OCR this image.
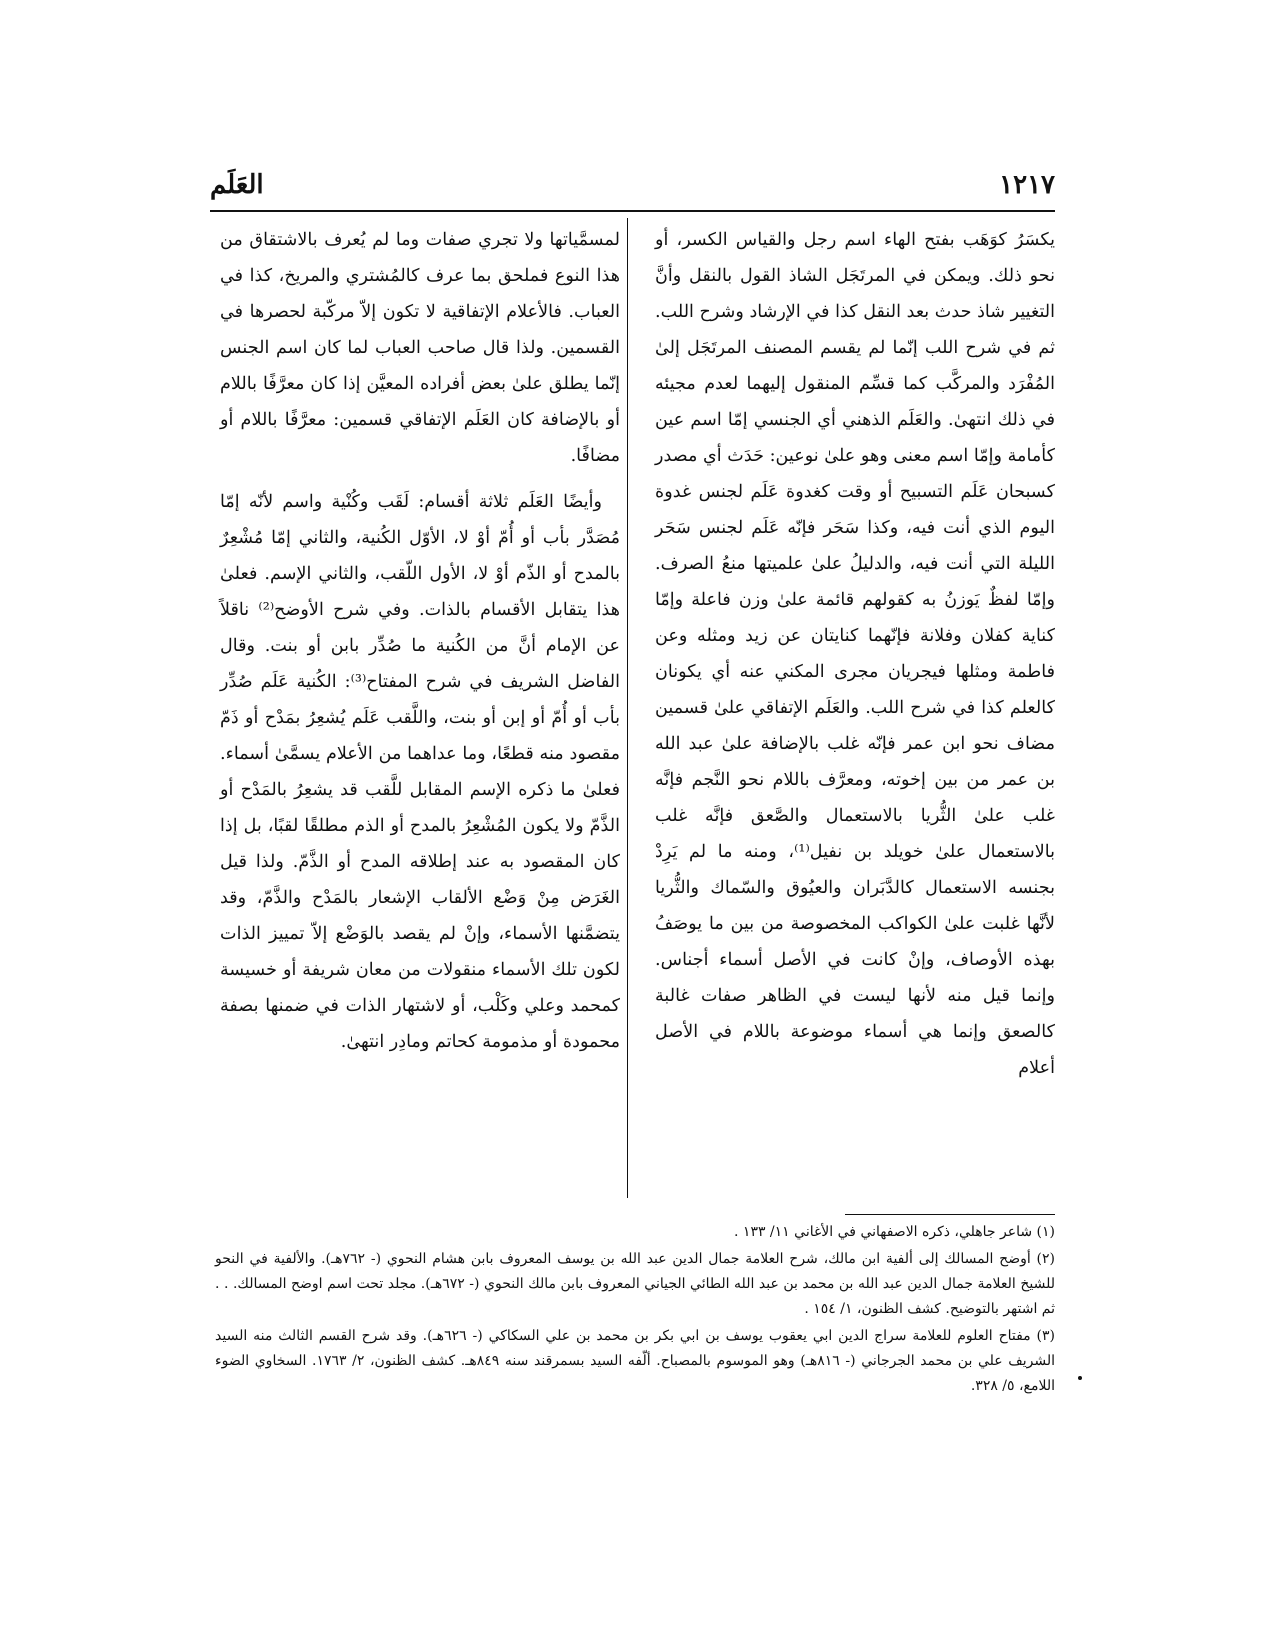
١٢١٧
العَلَم

يكسَرُ كوَهَب بفتح الهاء اسم رجل والقياس الكسر، أو نحو ذلك. ويمكن في المرتَجَل الشاذ القول بالنقل وأنَّ التغيير شاذ حدث بعد النقل كذا في الإرشاد وشرح اللب. ثم في شرح اللب إنّما لم يقسم المصنف المرتَجَل إلىٰ المُفْرَد والمركَّب كما قسِّم المنقول إليهما لعدم مجيئه في ذلك انتهىٰ. والعَلَم الذهني أي الجنسي إمّا اسم عين كأمامة وإمّا اسم معنى وهو علىٰ نوعين: حَدَث أي مصدر كسبحان عَلَم التسبيح أو وقت كغدوة عَلَم لجنس غدوة اليوم الذي أنت فيه، وكذا سَحَر فإنّه عَلَم لجنس سَحَر الليلة التي أنت فيه، والدليلُ علىٰ علميتها منعُ الصرف. وإمّا لفظٌ يَوزنُ به كقولهم قائمة علىٰ وزن فاعلة وإمّا كناية كفلان وفلانة فإنّهما كنايتان عن زيد ومثله وعن فاطمة ومثلها فيجريان مجرى المكني عنه أي يكونان كالعلم كذا في شرح اللب. والعَلَم الإتفاقي علىٰ قسمين مضاف نحو ابن عمر فإنّه غلب بالإضافة علىٰ عبد الله بن عمر من بين إخوته، ومعرَّف باللام نحو النَّجم فإنَّه غلب علىٰ الثُّريا بالاستعمال والصَّعق فإنَّه غلب بالاستعمال علىٰ خويلد بن نفيل⁽¹⁾، ومنه ما لم يَرِدْ بجنسه الاستعمال كالدَّبَران والعيُوق والسّماك والثُّريا لأنَّها غلبت علىٰ الكواكب المخصوصة من بين ما يوصَفُ بهذه الأوصاف، وإنْ كانت في الأصل أسماء أجناس. وإنما قيل منه لأنها ليست في الظاهر صفات غالبة كالصعق وإنما هي أسماء موضوعة باللام في الأصل أعلام

لمسمَّياتها ولا تجري صفات وما لم يُعرف بالاشتقاق من هذا النوع فملحق بما عرف كالمُشتري والمريخ، كذا في العباب. فالأعلام الإتفاقية لا تكون إلاّ مركّبة لحصرها في القسمين. ولذا قال صاحب العباب لما كان اسم الجنس إنّما يطلق علىٰ بعض أفراده المعيَّن إذا كان معرَّفًا باللام أو بالإضافة كان العَلَم الإتفاقي قسمين: معرَّفًا باللام أو مضافًا.

وأيضًا العَلَم ثلاثة أقسام: لَقَب وكُنْية واسم لأنّه إمّا مُصَدَّر بأب أو أُمّ أوْ لا، الأوّل الكُنية، والثاني إمّا مُشْعِرٌ بالمدح أو الذّم أوْ لا، الأول اللّقب، والثاني الإسم. فعلىٰ هذا يتقابل الأقسام بالذات. وفي شرح الأوضح⁽²⁾ ناقلاً عن الإمام أنَّ من الكُنية ما صُدِّر بابن أو بنت. وقال الفاضل الشريف في شرح المفتاح⁽³⁾: الكُنية عَلَم صُدِّر بأب أو أُمّ أو إبن أو بنت، واللَّقب عَلَم يُشعِرُ بمَدْح أو ذَمّ مقصود منه قطعًا، وما عداهما من الأعلام يسمَّىٰ أسماء. فعلىٰ ما ذكره الإسم المقابل للَّقب قد يشعِرُ بالمَدْح أو الذَّمّ ولا يكون المُشْعِرُ بالمدح أو الذم مطلقًا لقبًا، بل إذا كان المقصود به عند إطلاقه المدح أو الذَّمّ. ولذا قيل الغَرَض مِنْ وَضْع الألقاب الإشعار بالمَدْح والذَّمّ، وقد يتضمَّنها الأسماء، وإنْ لم يقصد بالوَضْع إلاّ تمييز الذات لكون تلك الأسماء منقولات من معان شريفة أو خسيسة كمحمد وعلي وكَلْب، أو لاشتهار الذات في ضمنها بصفة محمودة أو مذمومة كحاتم ومادِر انتهىٰ.

(١) شاعر جاهلي، ذكره الاصفهاني في الأغاني ١١/ ١٣٣ .

(٢) أوضح المسالك إلى ألفية ابن مالك، شرح العلامة جمال الدين عبد الله بن يوسف المعروف بابن هشام النحوي (- ٧٦٢هـ). والألفية في النحو للشيخ العلامة جمال الدين عبد الله بن محمد بن عبد الله الطائي الجياني المعروف بابن مالك النحوي (- ٦٧٢هـ). مجلد تحت اسم اوضح المسالك. . . ثم اشتهر بالتوضيح. كشف الظنون، ١/ ١٥٤ .

(٣) مفتاح العلوم للعلامة سراج الدين ابي يعقوب يوسف بن ابي بكر بن محمد بن علي السكاكي (- ٦٢٦هـ). وقد شرح القسم الثالث منه السيد الشريف علي بن محمد الجرجاني (- ٨١٦هـ) وهو الموسوم بالمصباح. ألّفه السيد بسمرقند سنه ٨٤٩هـ. كشف الظنون، ٢/ ١٧٦٣. السخاوي الضوء اللامع، ٥/ ٣٢٨.
